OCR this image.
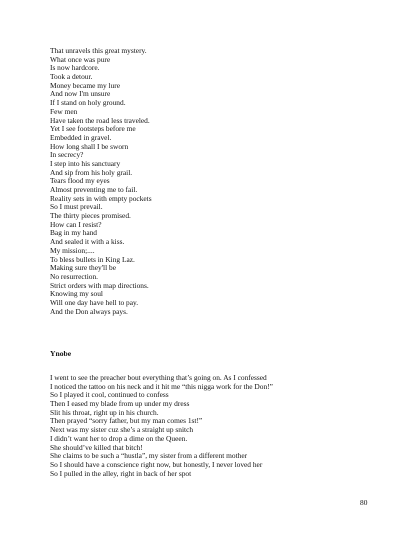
That unravels this great mystery.
What once was pure
Is now hardcore.
Took a detour.
Money became my lure
And now I'm unsure
If I stand on holy ground.
Few men
Have taken the road less traveled.
Yet I see footsteps before me
Embedded in gravel.
How long shall I be sworn
In secrecy?
I step into his sanctuary
And sip from his holy grail.
Tears flood my eyes
Almost preventing me to fail.
Reality sets in with empty pockets
So I must prevail.
The thirty pieces promised.
How can I resist?
Bag in my hand
And sealed it with a kiss.
My mission;....
To bless bullets in King Laz.
Making sure they'll be
No resurrection.
Strict orders with map directions.
Knowing my soul
Will one day have hell to pay.
And the Don always pays.
Ynobe
I went to see the preacher bout everything that’s going on. As I confessed
I noticed the tattoo on his neck and it hit me “this nigga work for the Don!”
So I played it cool, continued to confess
Then I eased my blade from up under my dress
Slit his throat, right up in his church.
Then prayed “sorry father, but my man comes 1st!”
Next was my sister cuz she’s a straight up snitch
I didn’t want her to drop a dime on the Queen.
She should’ve killed that bitch!
She claims to be such a “hustla”, my sister from a different mother
So I should have a conscience right now, but honestly, I never loved her
So I pulled in the alley, right in back of her spot
80
